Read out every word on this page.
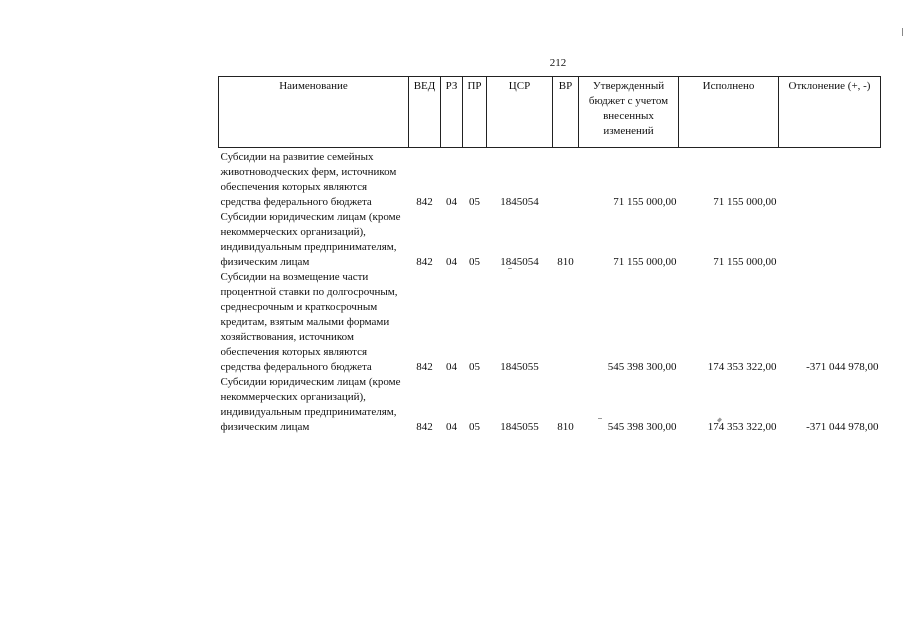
212
Наименование	ВЕД	РЗ	ПР	ЦСР	ВР	Утвержденный бюджет с учетом внесенных изменений	Исполнено	Отклонение (+, -)
Субсидии на развитие семейных животноводческих ферм, источником обеспечения которых являются средства федерального бюджета	842	04	05	1845054		71 155 000,00	71 155 000,00	
Субсидии юридическим лицам (кроме некоммерческих организаций), индивидуальным предпринимателям, физическим лицам	842	04	05	1845054	810	71 155 000,00	71 155 000,00	
Субсидии на возмещение части процентной ставки по долгосрочным, среднесрочным и краткосрочным кредитам, взятым малыми формами хозяйствования, источником обеспечения которых являются средства федерального бюджета	842	04	05	1845055		545 398 300,00	174 353 322,00	-371 044 978,00
Субсидии юридическим лицам (кроме некоммерческих организаций), индивидуальным предпринимателям, физическим лицам	842	04	05	1845055	810	545 398 300,00	174 353 322,00	-371 044 978,00
